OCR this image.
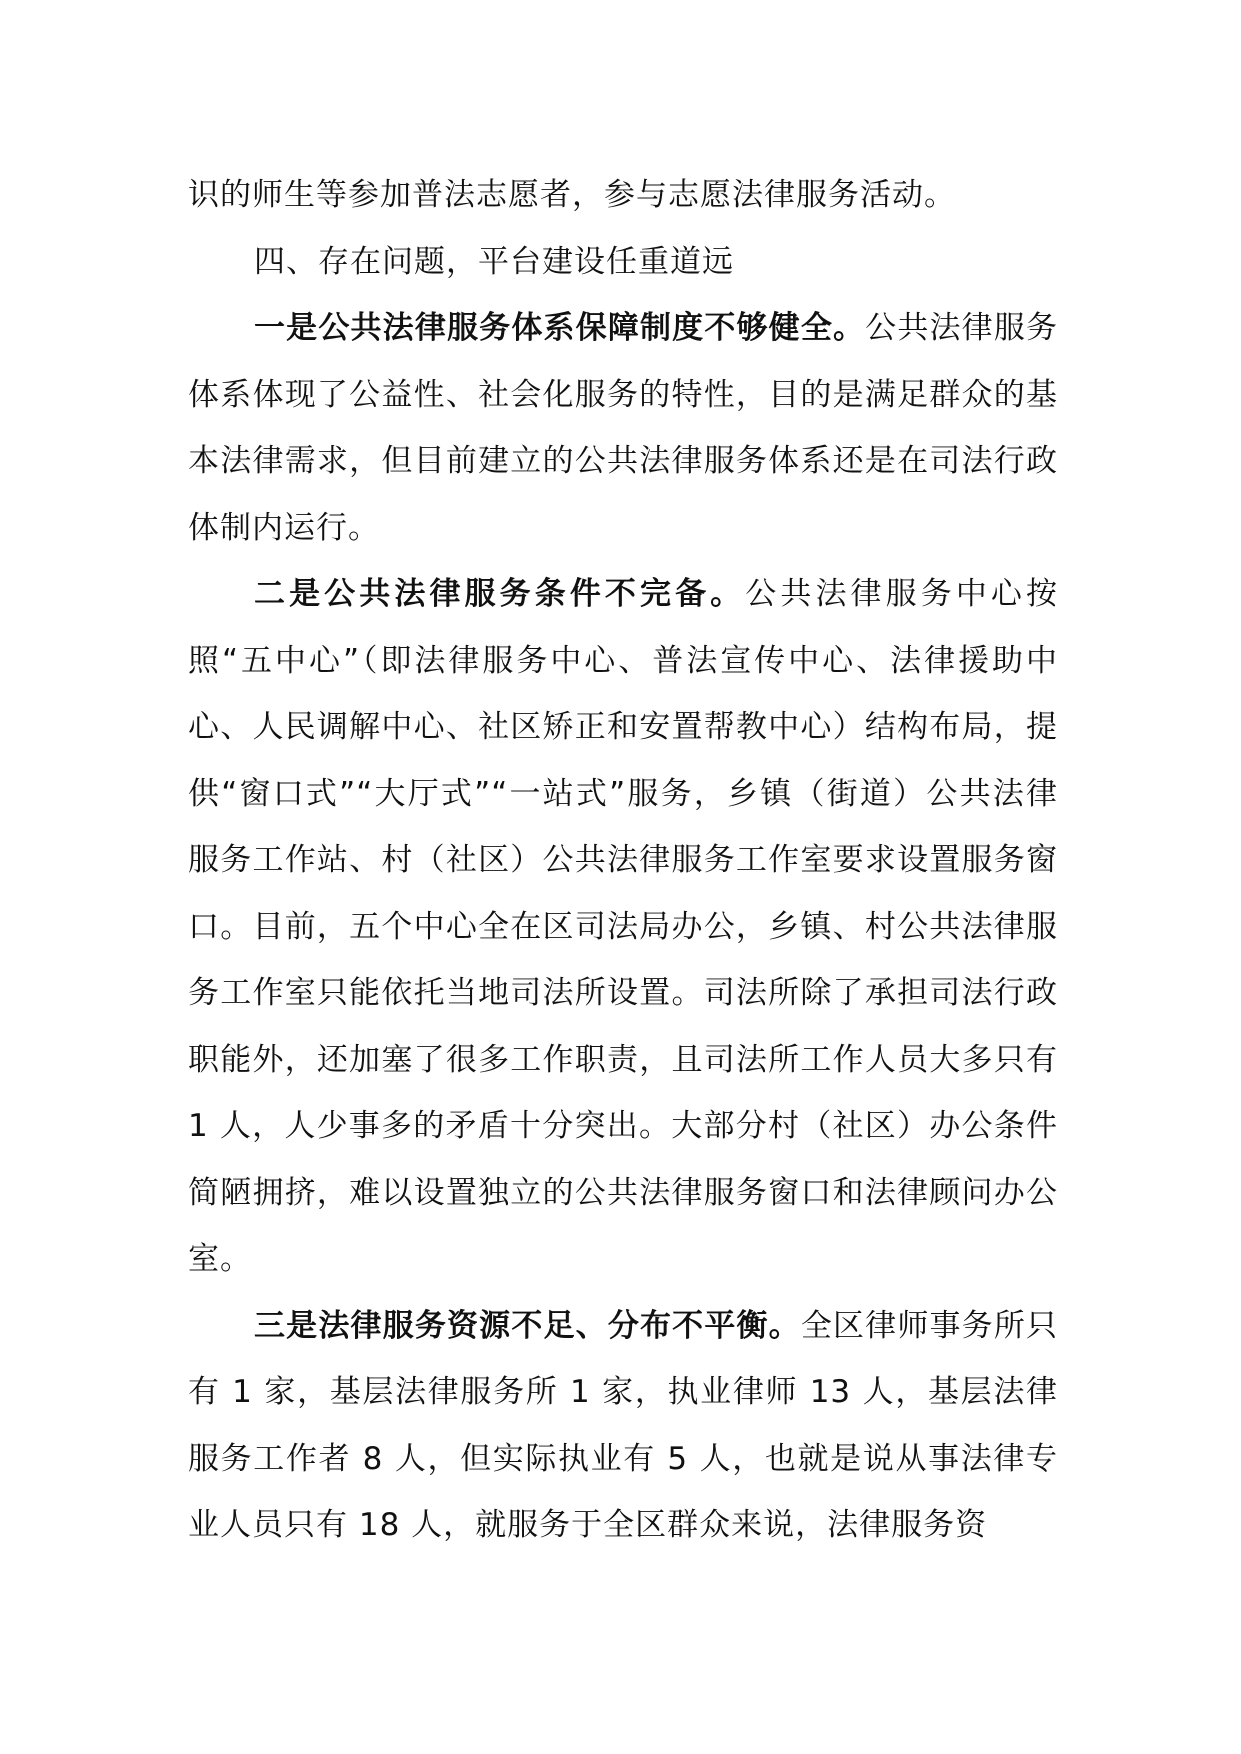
识的师生等参加普法志愿者，参与志愿法律服务活动。

四、存在问题，平台建设任重道远

一是公共法律服务体系保障制度不够健全。公共法律服务体系体现了公益性、社会化服务的特性，目的是满足群众的基本法律需求，但目前建立的公共法律服务体系还是在司法行政体制内运行。

二是公共法律服务条件不完备。公共法律服务中心按照“五中心”（即法律服务中心、普法宣传中心、法律援助中心、人民调解中心、社区矫正和安置帮教中心）结构布局，提供“窗口式”“大厅式”“一站式”服务，乡镇（街道）公共法律服务工作站、村（社区）公共法律服务工作室要求设置服务窗口。目前，五个中心全在区司法局办公，乡镇、村公共法律服务工作室只能依托当地司法所设置。司法所除了承担司法行政职能外，还加塞了很多工作职责，且司法所工作人员大多只有 1 人，人少事多的矛盾十分突出。大部分村（社区）办公条件简陋拥挤，难以设置独立的公共法律服务窗口和法律顾问办公室。

三是法律服务资源不足、分布不平衡。全区律师事务所只有 1 家，基层法律服务所 1 家，执业律师 13 人，基层法律服务工作者 8 人，但实际执业有 5 人，也就是说从事法律专业人员只有 18 人，就服务于全区群众来说，法律服务资
